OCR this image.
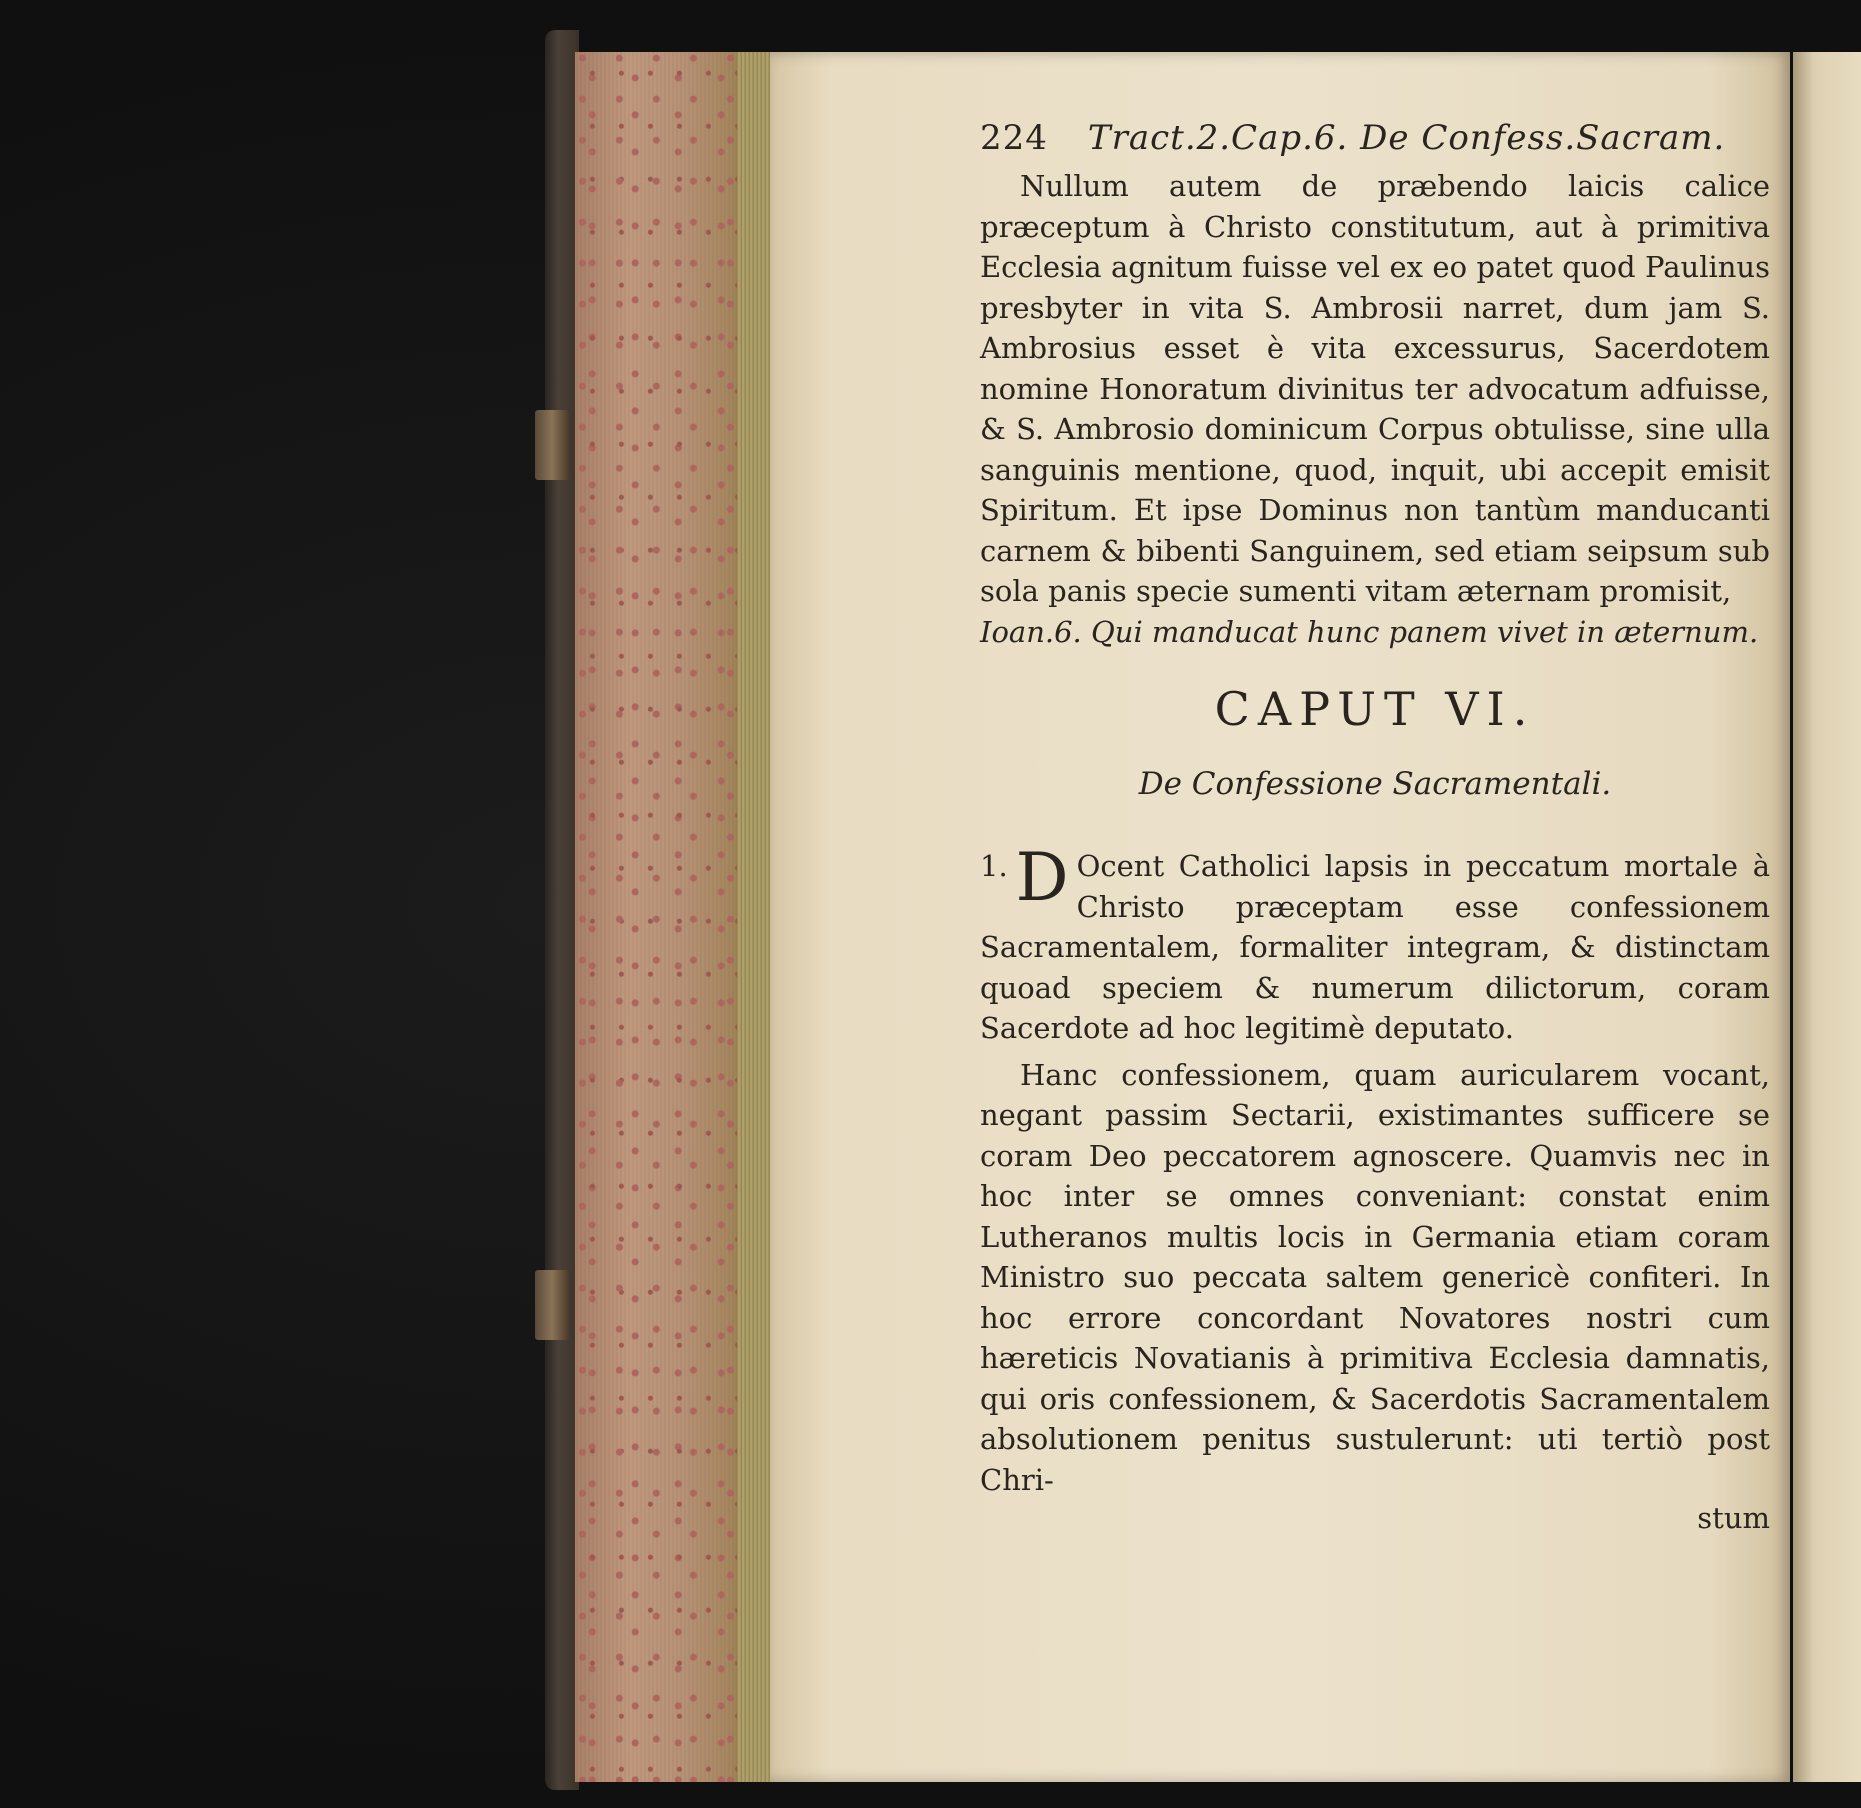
224 Tract.2.Cap.6. De Confess.Sacram.

Nullum autem de præbendo laicis calice præceptum à Christo constitutum, aut à primitiva Ecclesia agnitum fuisse vel ex eo patet quod Paulinus presbyter in vita S. Ambrosii narret, dum jam S. Ambrosius esset è vita excessurus, Sacerdotem nomine Honoratum divinitus ter advocatum adfuisse, & S. Ambrosio dominicum Corpus obtulisse, sine ulla sanguinis mentione, quod, inquit, ubi accepit emisit Spiritum. Et ipse Dominus non tantùm manducanti carnem & bibenti Sanguinem, sed etiam seipsum sub sola panis specie sumenti vitam æternam promisit,

Ioan.6. Qui manducat hunc panem vivet in æternum.

CAPUT VI.
De Confessione Sacramentali.

1. D Ocent Catholici lapsis in peccatum mortale à Christo præceptam esse confessionem Sacramentalem, formaliter integram, & distinctam quoad speciem & numerum dilictorum, coram Sacerdote ad hoc legitimè deputato.

Hanc confessionem, quam auricularem vocant, negant passim Sectarii, existimantes sufficere se coram Deo peccatorem agnoscere. Quamvis nec in hoc inter se omnes conveniant: constat enim Lutheranos multis locis in Germania etiam coram Ministro suo peccata saltem genericè confiteri. In hoc errore concordant Novatores nostri cum hæreticis Novatianis à primitiva Ecclesia damnatis, qui oris confessionem, & Sacerdotis Sacramentalem absolutionem penitus sustulerunt: uti tertiò post Chri-

stum
